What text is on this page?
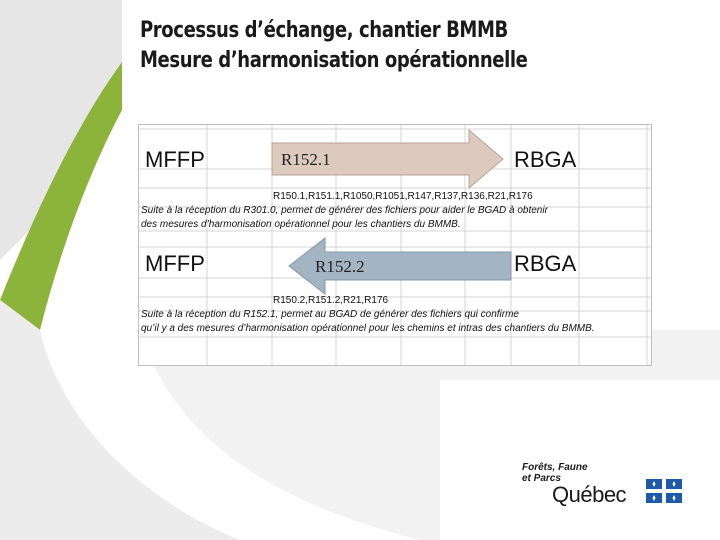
Processus d’échange, chantier BMMB
Mesure d’harmonisation opérationnelle
MFFP	R152.1	RBGA
R150.1,R151.1,R1050,R1051,R147,R137,R136,R21,R176
Suite à la réception du R301.0, permet de générer des fichiers pour aider le BGAD à obtenir
des mesures d’harmonisation opérationnel pour les chantiers du BMMB.
MFFP	R152.2	RBGA
R150.2,R151.2,R21,R176
Suite à la réception du R152.1, permet au BGAD de générer des fichiers qui confirme
qu’il y a des mesures d’harmonisation opérationnel pour les chemins et intras des chantiers du BMMB.
Forêts, Faune
et Parcs
Québec
